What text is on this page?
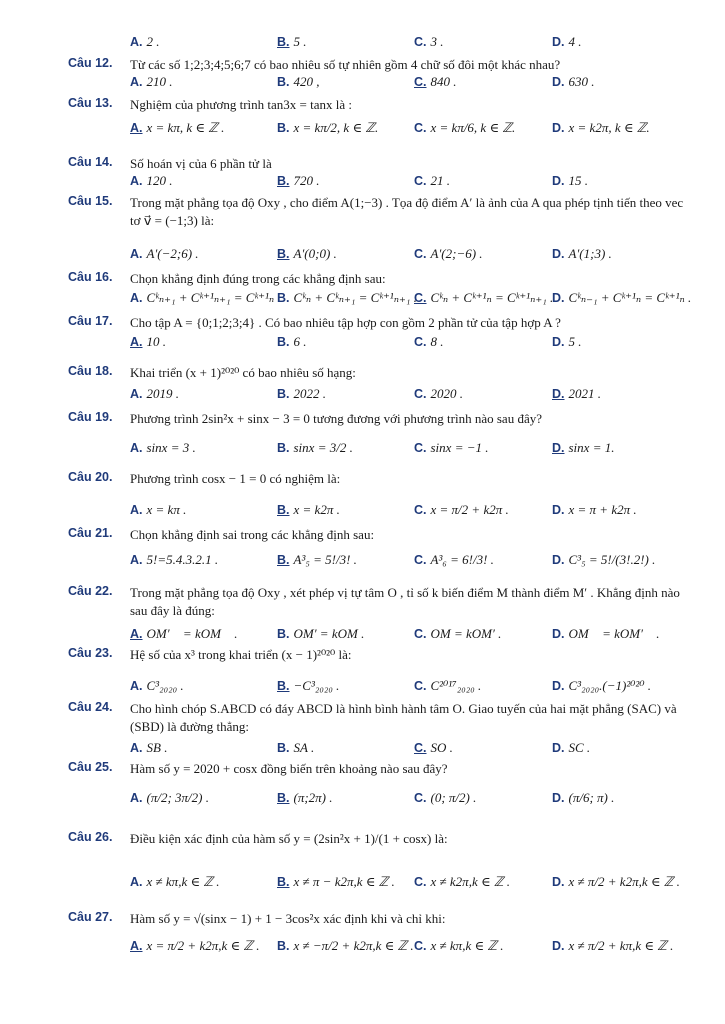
A. 2 .	B. 5 .	C. 3 .	D. 4 .
Câu 12. Từ các số 1;2;3;4;5;6;7 có bao nhiêu số tự nhiên gồm 4 chữ số đôi một khác nhau?
A. 210 .	B. 420 ,	C. 840 .	D. 630 .
Câu 13. Nghiệm của phương trình tan3x = tanx là :
A. x = kπ, k ∈ ℤ .	B. x = kπ/2, k ∈ ℤ.	C. x = kπ/6, k ∈ ℤ.	D. x = k2π, k ∈ ℤ.
Câu 14. Số hoán vị của 6 phần tử là
A. 120 .	B. 720 .	C. 21 .	D. 15 .
Câu 15. Trong mặt phẳng tọa độ Oxy , cho điểm A(1;−3) . Tọa độ điểm A′ là ảnh của A qua phép tịnh tiến theo vec tơ v⃗ = (−1;3) là:
A. A′(−2;6) .	B. A′(0;0) .	C. A′(2;−6) .	D. A′(1;3) .
Câu 16. Chọn khẳng định đúng trong các khẳng định sau:
A. Cᵏₙ₊₁ + Cᵏ⁺¹ₙ₊₁ = Cᵏ⁺¹ₙ .
B. Cᵏₙ + Cᵏₙ₊₁ = Cᵏ⁺¹ₙ₊₁ .
C. Cᵏₙ + Cᵏ⁺¹ₙ = Cᵏ⁺¹ₙ₊₁ .
D. Cᵏₙ₋₁ + Cᵏ⁺¹ₙ = Cᵏ⁺¹ₙ .
Câu 17. Cho tập A = {0;1;2;3;4} . Có bao nhiêu tập hợp con gồm 2 phần tử của tập hợp A ?
A. 10 .	B. 6 .	C. 8 .	D. 5 .
Câu 18. Khai triển (x + 1)²⁰²⁰ có bao nhiêu số hạng:
A. 2019 .	B. 2022 .	C. 2020 .	D. 2021 .
Câu 19. Phương trình 2sin²x + sinx − 3 = 0 tương đương với phương trình nào sau đây?
A. sinx = 3 .	B. sinx = 3/2 .	C. sinx = −1 .	D. sinx = 1.
Câu 20. Phương trình cosx − 1 = 0 có nghiệm là:
A. x = kπ .	B. x = k2π .	C. x = π/2 + k2π .	D. x = π + k2π .
Câu 21. Chọn khẳng định sai trong các khẳng định sau:
A. 5!=5.4.3.2.1 .	B. A³₅ = 5!/3! .	C. A³₆ = 6!/3! .	D. C³₅ = 5!/(3!.2!) .
Câu 22. Trong mặt phẳng tọa độ Oxy , xét phép vị tự tâm O , tỉ số k biến điểm M thành điểm M′ . Khẳng định nào sau đây là đúng:
A. OM′⃗ = kOM⃗ .	B. OM′ = kOM .	C. OM = kOM′ .	D. OM⃗ = kOM′⃗ .
Câu 23. Hệ số của x³ trong khai triển (x − 1)²⁰²⁰ là:
A. C³₂₀₂₀ .	B. −C³₂₀₂₀ .	C. C²⁰¹⁷₂₀₂₀ .	D. C³₂₀₂₀.(−1)²⁰²⁰ .
Câu 24. Cho hình chóp S.ABCD có đáy ABCD là hình bình hành tâm O. Giao tuyến của hai mặt phẳng (SAC) và (SBD) là đường thẳng:
A. SB .	B. SA .	C. SO .	D. SC .
Câu 25. Hàm số y = 2020 + cosx đồng biến trên khoảng nào sau đây?
A. (π/2; 3π/2) .	B. (π;2π) .	C. (0; π/2) .	D. (π/6; π) .
Câu 26. Điều kiện xác định của hàm số y = (2sin²x + 1)/(1 + cosx) là:
A. x ≠ kπ,k ∈ ℤ .	B. x ≠ π − k2π,k ∈ ℤ . C. x ≠ k2π,k ∈ ℤ .	D. x ≠ π/2 + k2π,k ∈ ℤ .
Câu 27. Hàm số y = √(sinx − 1) + 1 − 3cos²x xác định khi và chỉ khi:
A. x = π/2 + k2π,k ∈ ℤ . B. x ≠ −π/2 + k2π,k ∈ ℤ . C. x ≠ kπ,k ∈ ℤ .	D. x ≠ π/2 + kπ,k ∈ ℤ .
